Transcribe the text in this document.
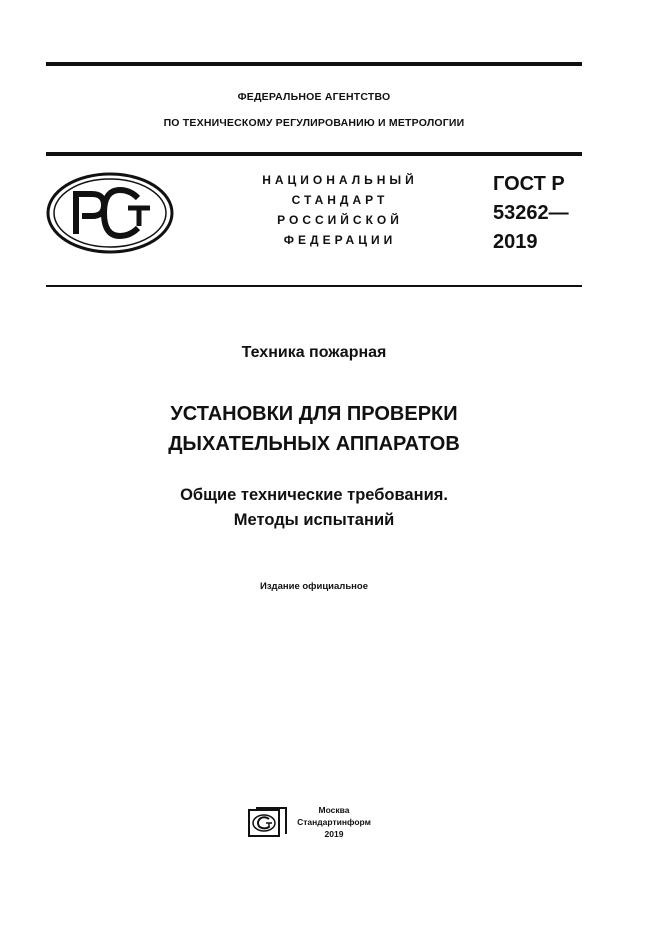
ФЕДЕРАЛЬНОЕ АГЕНТСТВО
ПО ТЕХНИЧЕСКОМУ РЕГУЛИРОВАНИЮ И МЕТРОЛОГИИ
НАЦИОНАЛЬНЫЙ
СТАНДАРТ
РОССИЙСКОЙ
ФЕДЕРАЦИИ
ГОСТ Р
53262—
2019
Техника пожарная
УСТАНОВКИ ДЛЯ ПРОВЕРКИ
ДЫХАТЕЛЬНЫХ АППАРАТОВ
Общие технические требования.
Методы испытаний
Издание официальное
Москва
Стандартинформ
2019
